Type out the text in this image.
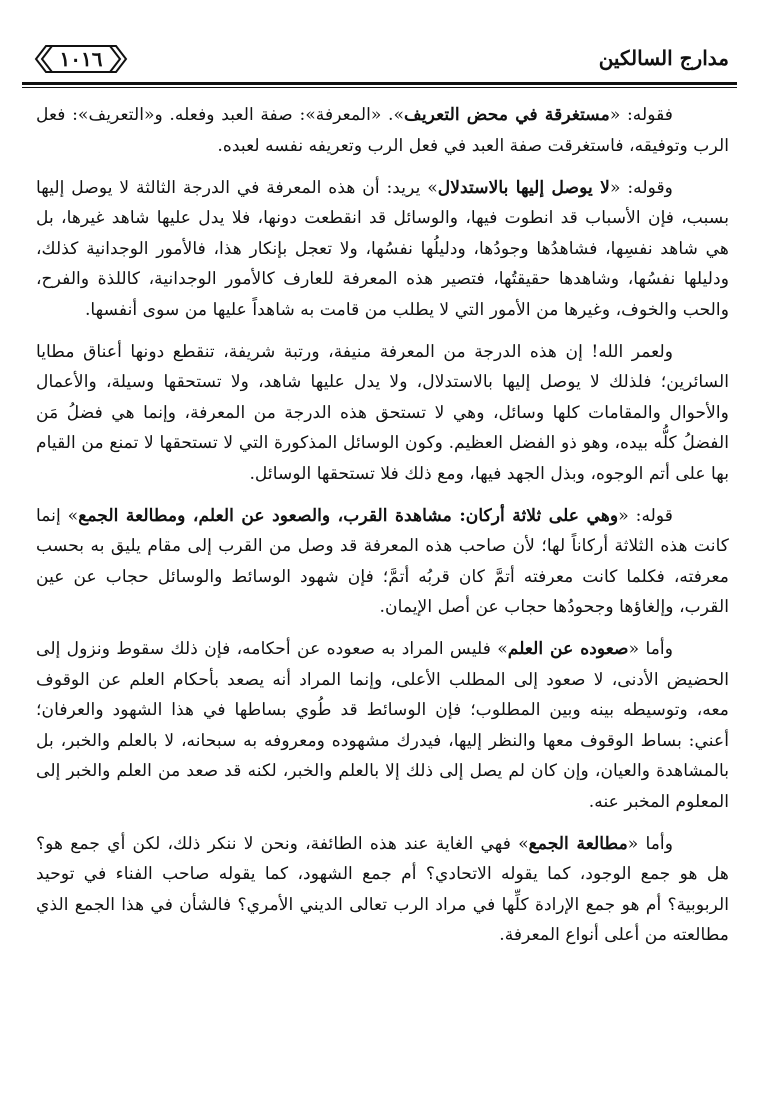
مدارج السالكين
١٠١٦

فقوله: «مستغرقة في محض التعريف». «المعرفة»: صفة العبد وفعله. و«التعريف»: فعل الرب وتوفيقه، فاستغرقت صفة العبد في فعل الرب وتعريفه نفسه لعبده.

وقوله: «لا يوصل إليها بالاستدلال» يريد: أن هذه المعرفة في الدرجة الثالثة لا يوصل إليها بسبب، فإن الأسباب قد انطوت فيها، والوسائل قد انقطعت دونها، فلا يدل عليها شاهد غيرها، بل هي شاهد نفسِها، فشاهدُها وجودُها، ودليلُها نفسُها، ولا تعجل بإنكار هذا، فالأمور الوجدانية كذلك، ودليلها نفسُها، وشاهدها حقيقتُها، فتصير هذه المعرفة للعارف كالأمور الوجدانية، كاللذة والفرح، والحب والخوف، وغيرها من الأمور التي لا يطلب من قامت به شاهداً عليها من سوى أنفسها.

ولعمر الله! إن هذه الدرجة من المعرفة منيفة، ورتبة شريفة، تنقطع دونها أعناق مطايا السائرين؛ فلذلك لا يوصل إليها بالاستدلال، ولا يدل عليها شاهد، ولا تستحقها وسيلة، والأعمال والأحوال والمقامات كلها وسائل، وهي لا تستحق هذه الدرجة من المعرفة، وإنما هي فضلُ مَن الفضلُ كلُّه بيده، وهو ذو الفضل العظيم. وكون الوسائل المذكورة التي لا تستحقها لا تمنع من القيام بها على أتم الوجوه، وبذل الجهد فيها، ومع ذلك فلا تستحقها الوسائل.

قوله: «وهي على ثلاثة أركان: مشاهدة القرب، والصعود عن العلم، ومطالعة الجمع» إنما كانت هذه الثلاثة أركاناً لها؛ لأن صاحب هذه المعرفة قد وصل من القرب إلى مقام يليق به بحسب معرفته، فكلما كانت معرفته أتمَّ كان قربُه أتمَّ؛ فإن شهود الوسائط والوسائل حجاب عن عين القرب، وإلغاؤها وجحودُها حجاب عن أصل الإيمان.

وأما «صعوده عن العلم» فليس المراد به صعوده عن أحكامه، فإن ذلك سقوط ونزول إلى الحضيض الأدنى، لا صعود إلى المطلب الأعلى، وإنما المراد أنه يصعد بأحكام العلم عن الوقوف معه، وتوسيطه بينه وبين المطلوب؛ فإن الوسائط قد طُوي بساطها في هذا الشهود والعرفان؛ أعني: بساط الوقوف معها والنظر إليها، فيدرك مشهوده ومعروفه به سبحانه، لا بالعلم والخبر، بل بالمشاهدة والعيان، وإن كان لم يصل إلى ذلك إلا بالعلم والخبر، لكنه قد صعد من العلم والخبر إلى المعلوم المخبر عنه.

وأما «مطالعة الجمع» فهي الغاية عند هذه الطائفة، ونحن لا ننكر ذلك، لكن أي جمع هو؟ هل هو جمع الوجود، كما يقوله الاتحادي؟ أم جمع الشهود، كما يقوله صاحب الفناء في توحيد الربوبية؟ أم هو جمع الإرادة كلِّها في مراد الرب تعالى الديني الأمري؟ فالشأن في هذا الجمع الذي مطالعته من أعلى أنواع المعرفة.
